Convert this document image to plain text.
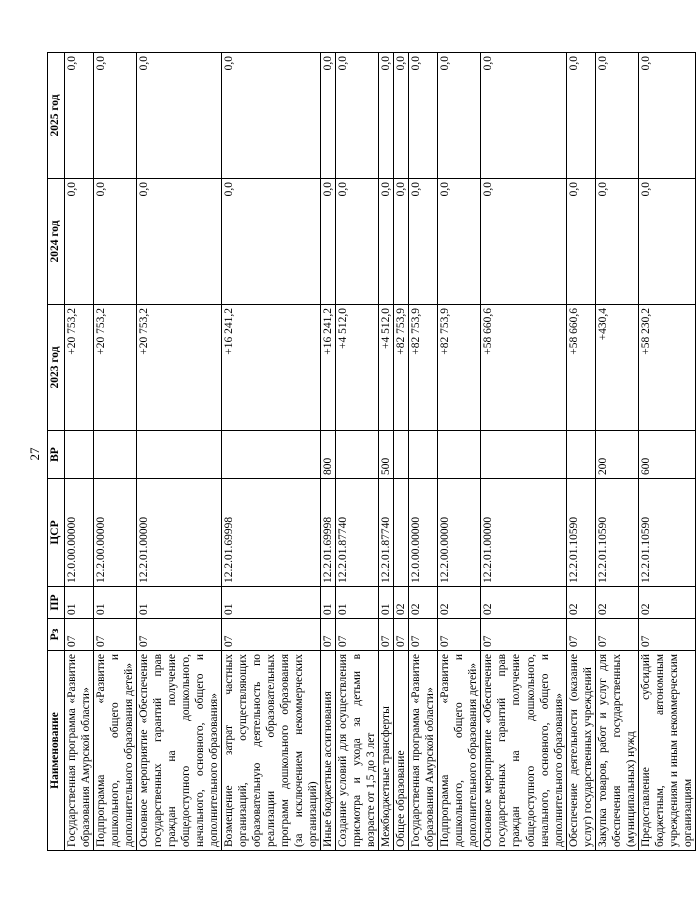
27
Наименование	Рз	ПР	ЦСР	ВР	2023 год	2024 год	2025 год
Государственная программа «Развитие образования Амурской области»	07	01	12.0.00.00000		+20 753,2	0,0	0,0
Подпрограмма «Развитие дошкольного, общего и дополнительного образования детей»	07	01	12.2.00.00000		+20 753,2	0,0	0,0
Основное мероприятие «Обеспечение государственных гарантий прав граждан на получение общедоступного дошкольного, начального, основного, общего и дополнительного образования»	07	01	12.2.01.00000		+20 753,2	0,0	0,0
Возмещение затрат частных организаций, осуществляющих образовательную деятельность по реализации образовательных программ дошкольного образования (за исключением некоммерческих организаций)	07	01	12.2.01.69998		+16 241,2	0,0	0,0
Иные бюджетные ассигнования	07	01	12.2.01.69998	800	+16 241,2	0,0	0,0
Создание условий для осуществления присмотра и ухода за детьми в возрасте от 1,5 до 3 лет	07	01	12.2.01.87740		+4 512,0	0,0	0,0
Межбюджетные трансферты	07	01	12.2.01.87740	500	+4 512,0	0,0	0,0
Общее образование	07	02			+82 753,9	0,0	0,0
Государственная программа «Развитие образования Амурской области»	07	02	12.0.00.00000		+82 753,9	0,0	0,0
Подпрограмма «Развитие дошкольного, общего и дополнительного образования детей»	07	02	12.2.00.00000		+82 753,9	0,0	0,0
Основное мероприятие «Обеспечение государственных гарантий прав граждан на получение общедоступного дошкольного, начального, основного, общего и дополнительного образования»	07	02	12.2.01.00000		+58 660,6	0,0	0,0
Обеспечение деятельности (оказание услуг) государственных учреждений	07	02	12.2.01.10590		+58 660,6	0,0	0,0
Закупка товаров, работ и услуг для обеспечения государственных (муниципальных) нужд	07	02	12.2.01.10590	200	+430,4	0,0	0,0
Предоставление субсидий бюджетным, автономным учреждениям и иным некоммерческим организациям	07	02	12.2.01.10590	600	+58 230,2	0,0	0,0
